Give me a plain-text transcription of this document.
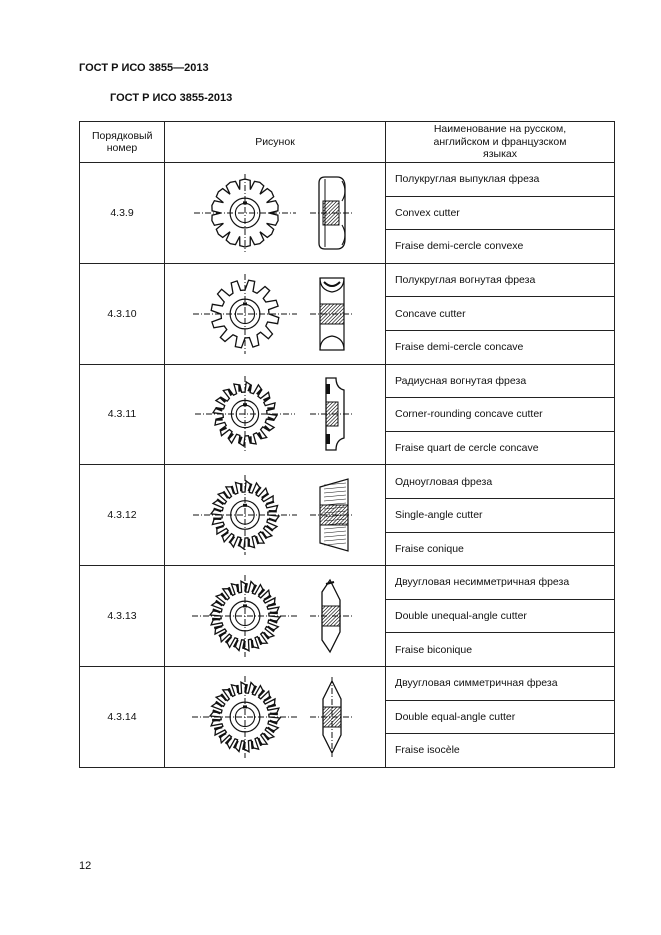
ГОСТ Р ИСО 3855—2013
ГОСТ Р ИСО 3855-2013
Порядковый номер	Рисунок	Наименование на русском, английском и французском языках

4.3.9		Полукруглая выпуклая фреза
		Convex cutter
		Fraise demi-cercle convexe
4.3.10		Полукруглая вогнутая фреза
		Concave cutter
		Fraise demi-cercle concave
4.3.11		Радиусная вогнутая фреза
		Corner-rounding concave cutter
		Fraise quart de cercle concave
4.3.12		Одноугловая фреза
		Single-angle cutter
		Fraise conique
4.3.13		Двуугловая несимметричная фреза
		Double unequal-angle cutter
		Fraise biconique
4.3.14		Двуугловая симметричная фреза
		Double equal-angle cutter
		Fraise isocèle
12
